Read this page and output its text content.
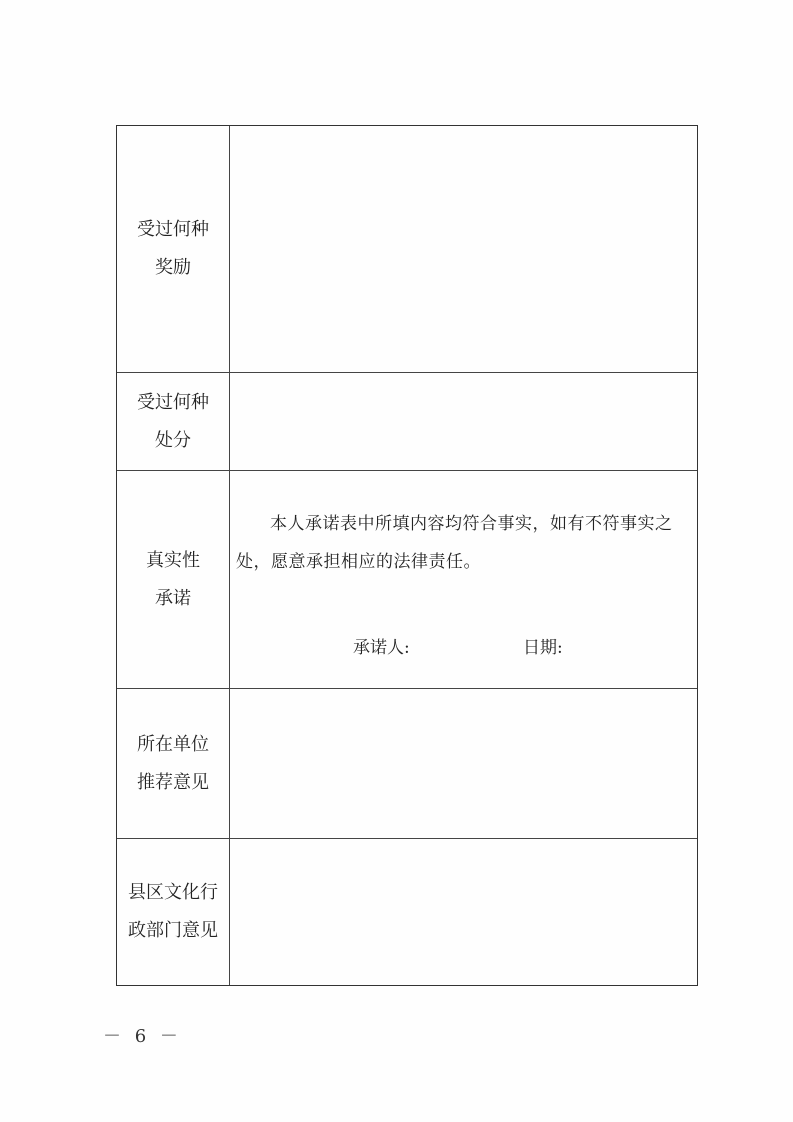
受过何种
奖励
受过何种
处分
真实性
承诺
本人承诺表中所填内容均符合事实，如有不符事实之处，愿意承担相应的法律责任。
承诺人:	日期:
所在单位
推荐意见
县区文化行
政部门意见
－ 6 －
